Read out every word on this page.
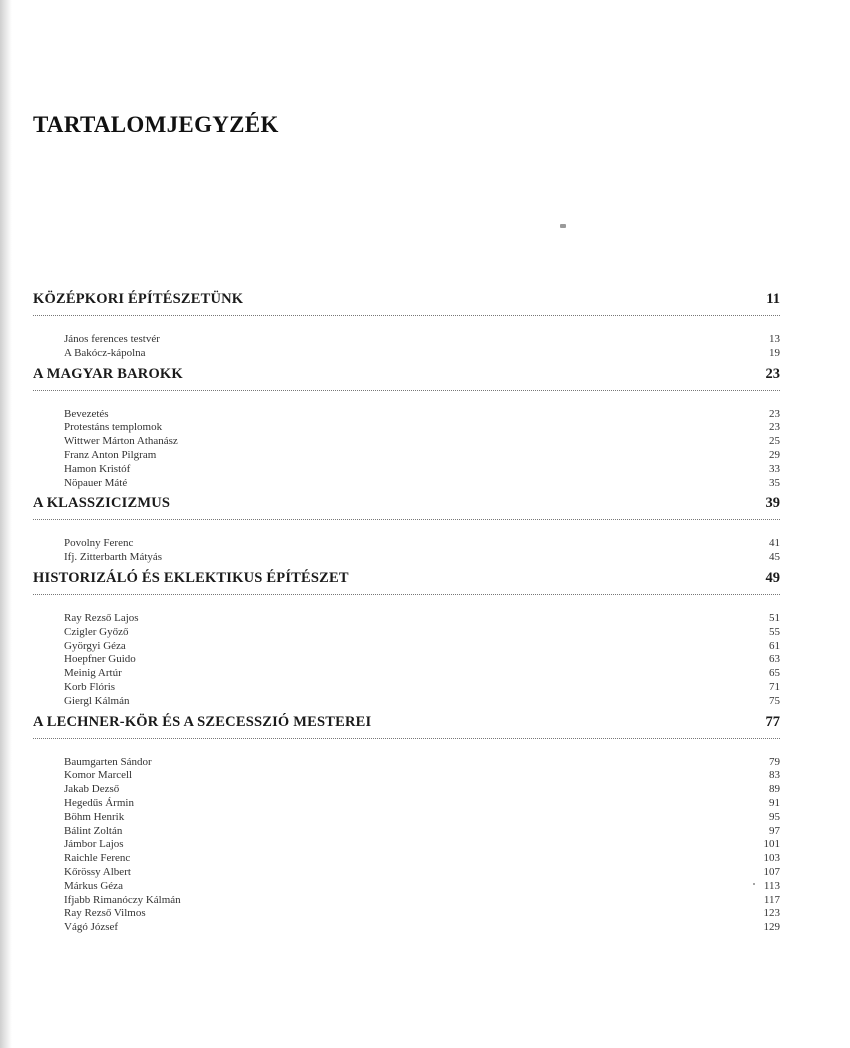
TARTALOMJEGYZÉK
KÖZÉPKORI ÉPÍTÉSZETÜNK	11
János ferences testvér	13
A Bakócz-kápolna	19
A MAGYAR BAROKK	23
Bevezetés	23
Protestáns templomok	23
Wittwer Márton Athanász	25
Franz Anton Pilgram	29
Hamon Kristóf	33
Nöpauer Máté	35
A KLASSZICIZMUS	39
Povolny Ferenc	41
Ifj. Zitterbarth Mátyás	45
HISTORIZÁLÓ ÉS EKLEKTIKUS ÉPÍTÉSZET	49
Ray Rezső Lajos	51
Czigler Győző	55
Györgyi Géza	61
Hoepfner Guido	63
Meinig Artúr	65
Korb Flóris	71
Giergl Kálmán	75
A LECHNER-KÖR ÉS A SZECESSZIÓ MESTEREI	77
Baumgarten Sándor	79
Komor Marcell	83
Jakab Dezső	89
Hegedűs Ármin	91
Böhm Henrik	95
Bálint Zoltán	97
Jámbor Lajos	101
Raichle Ferenc	103
Kőrössy Albert	107
Márkus Géza	113
Ifjabb Rimanóczy Kálmán	117
Ray Rezső Vilmos	123
Vágó József	129
